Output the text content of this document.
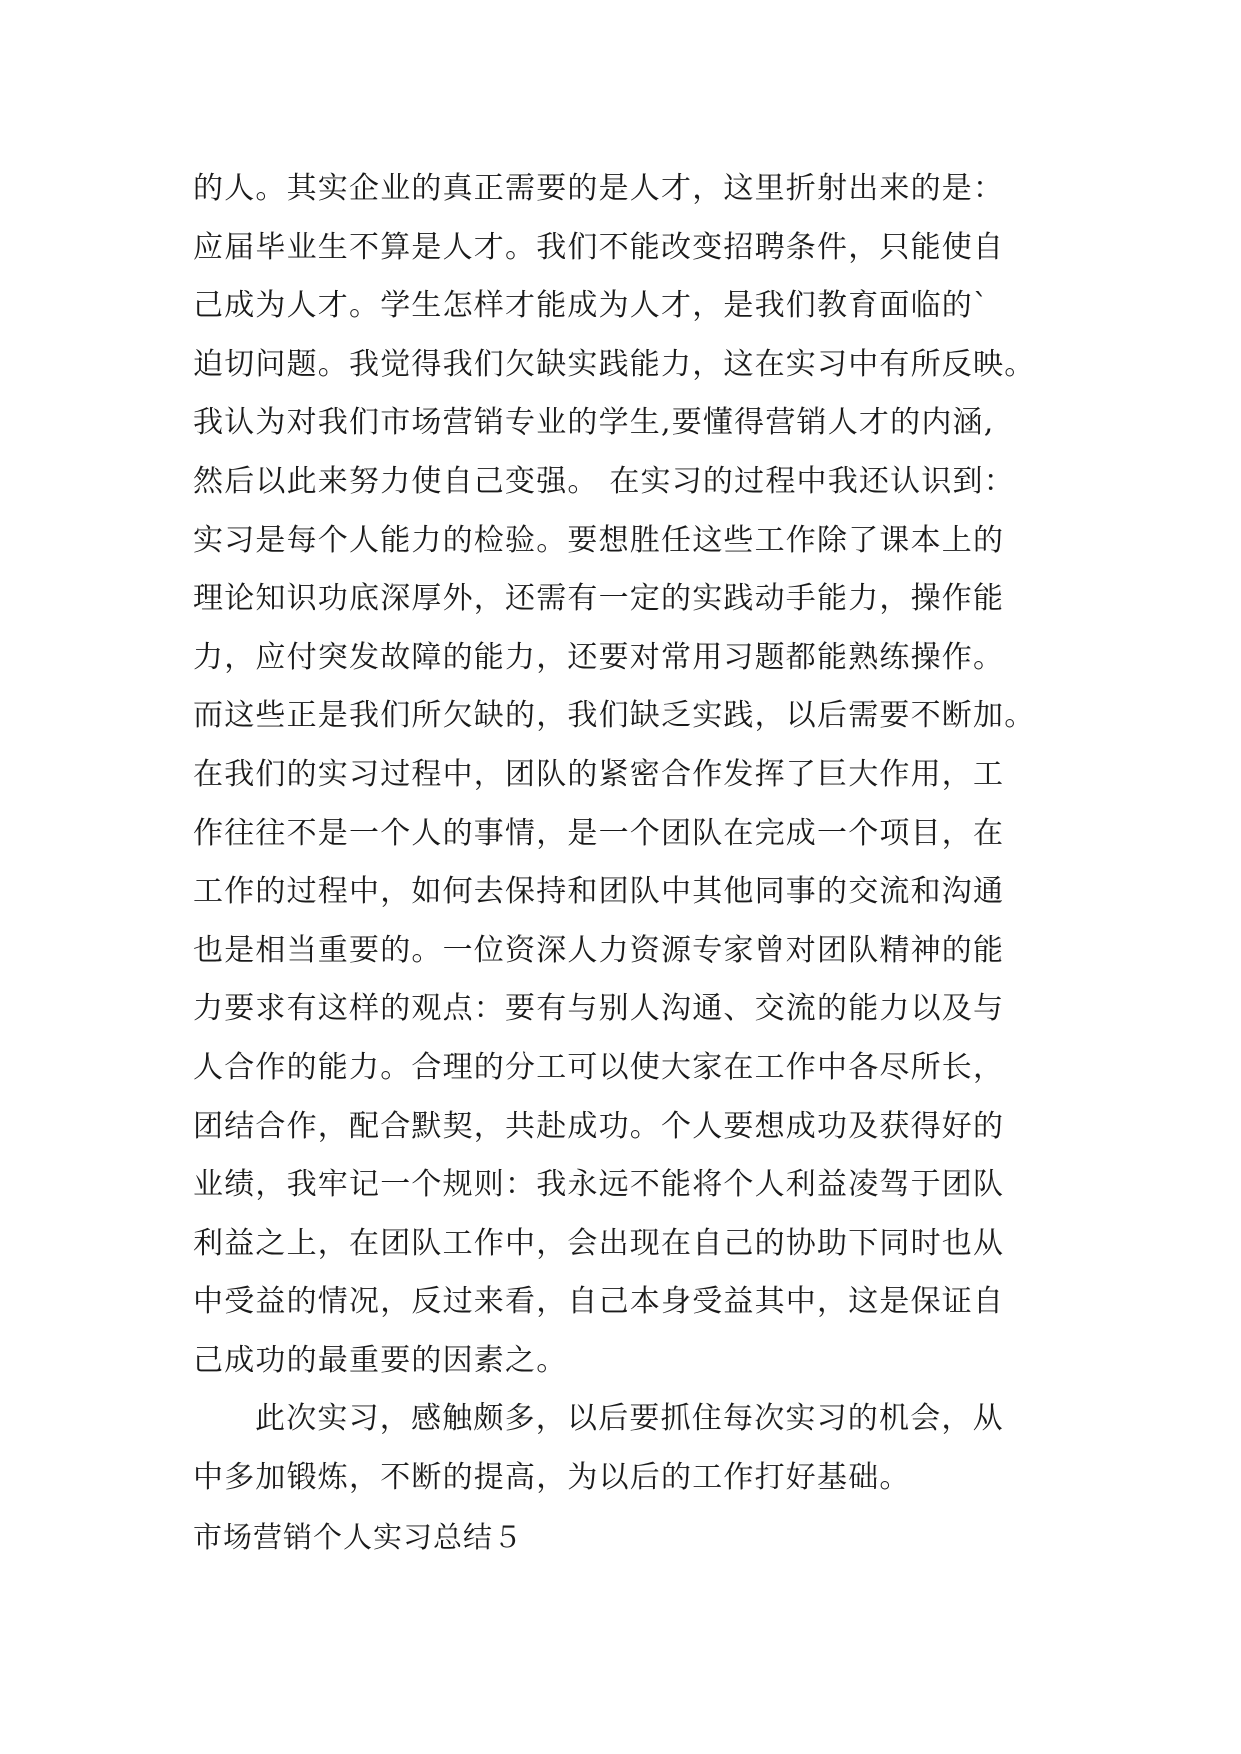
的人。其实企业的真正需要的是人才，这里折射出来的是：
应届毕业生不算是人才。我们不能改变招聘条件，只能使自
己成为人才。学生怎样才能成为人才，是我们教育面临的`
迫切问题。我觉得我们欠缺实践能力，这在实习中有所反映。
我认为对我们市场营销专业的学生,要懂得营销人才的内涵,
然后以此来努力使自己变强。 在实习的过程中我还认识到：
实习是每个人能力的检验。要想胜任这些工作除了课本上的
理论知识功底深厚外，还需有一定的实践动手能力，操作能
力，应付突发故障的能力，还要对常用习题都能熟练操作。
而这些正是我们所欠缺的，我们缺乏实践，以后需要不断加。
在我们的实习过程中，团队的紧密合作发挥了巨大作用，工
作往往不是一个人的事情，是一个团队在完成一个项目，在
工作的过程中，如何去保持和团队中其他同事的交流和沟通
也是相当重要的。一位资深人力资源专家曾对团队精神的能
力要求有这样的观点：要有与别人沟通、交流的能力以及与
人合作的能力。合理的分工可以使大家在工作中各尽所长，
团结合作，配合默契，共赴成功。个人要想成功及获得好的
业绩，我牢记一个规则：我永远不能将个人利益凌驾于团队
利益之上，在团队工作中，会出现在自己的协助下同时也从
中受益的情况，反过来看，自己本身受益其中，这是保证自
己成功的最重要的因素之。
此次实习，感触颇多，以后要抓住每次实习的机会，从
中多加锻炼，不断的提高，为以后的工作打好基础。
市场营销个人实习总结５
